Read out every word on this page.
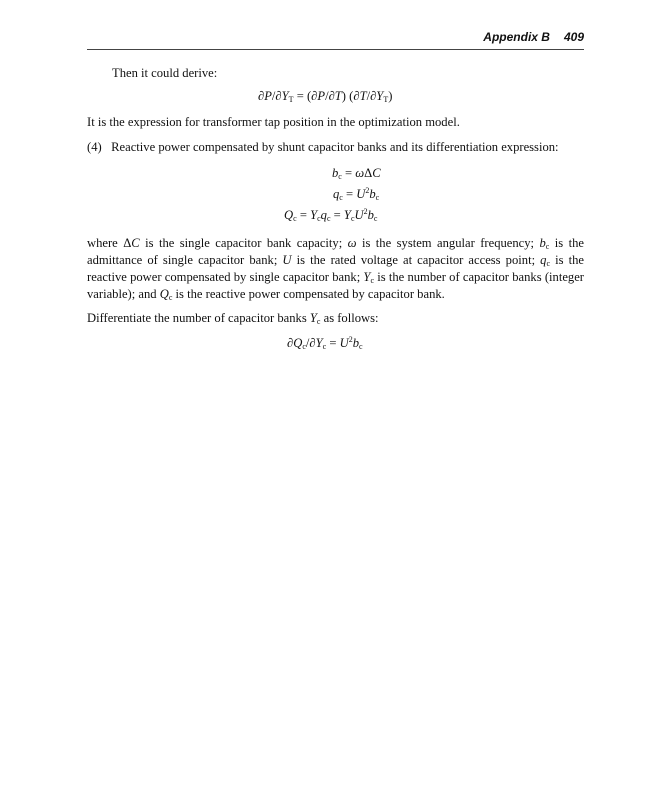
Appendix B 409
Then it could derive:
$\partial P/\partial Y_T = (\partial P/\partial T)$ $(\partial T/\partial Y_T)$
It is the expression for transformer tap position in the optimization model.
(4) Reactive power compensated by shunt capacitor banks and its differentiation expression:
$b_c = \omega\Delta C$
$q_c = U^2b_c$
$Q_c = Y_cq_c = Y_cU^2b_c$
where ΔC is the single capacitor bank capacity; ω is the system angular frequency; $b_c$ is the admittance of single capacitor bank; U is the rated voltage at capacitor access point; $q_c$ is the reactive power compensated by single capacitor bank; $Y_c$ is the number of capacitor banks (integer variable); and $Q_c$ is the reactive power compensated by capacitor bank.
Differentiate the number of capacitor banks $Y_c$ as follows:
$\partial Q_c/\partial Y_c = U^2b_c$
